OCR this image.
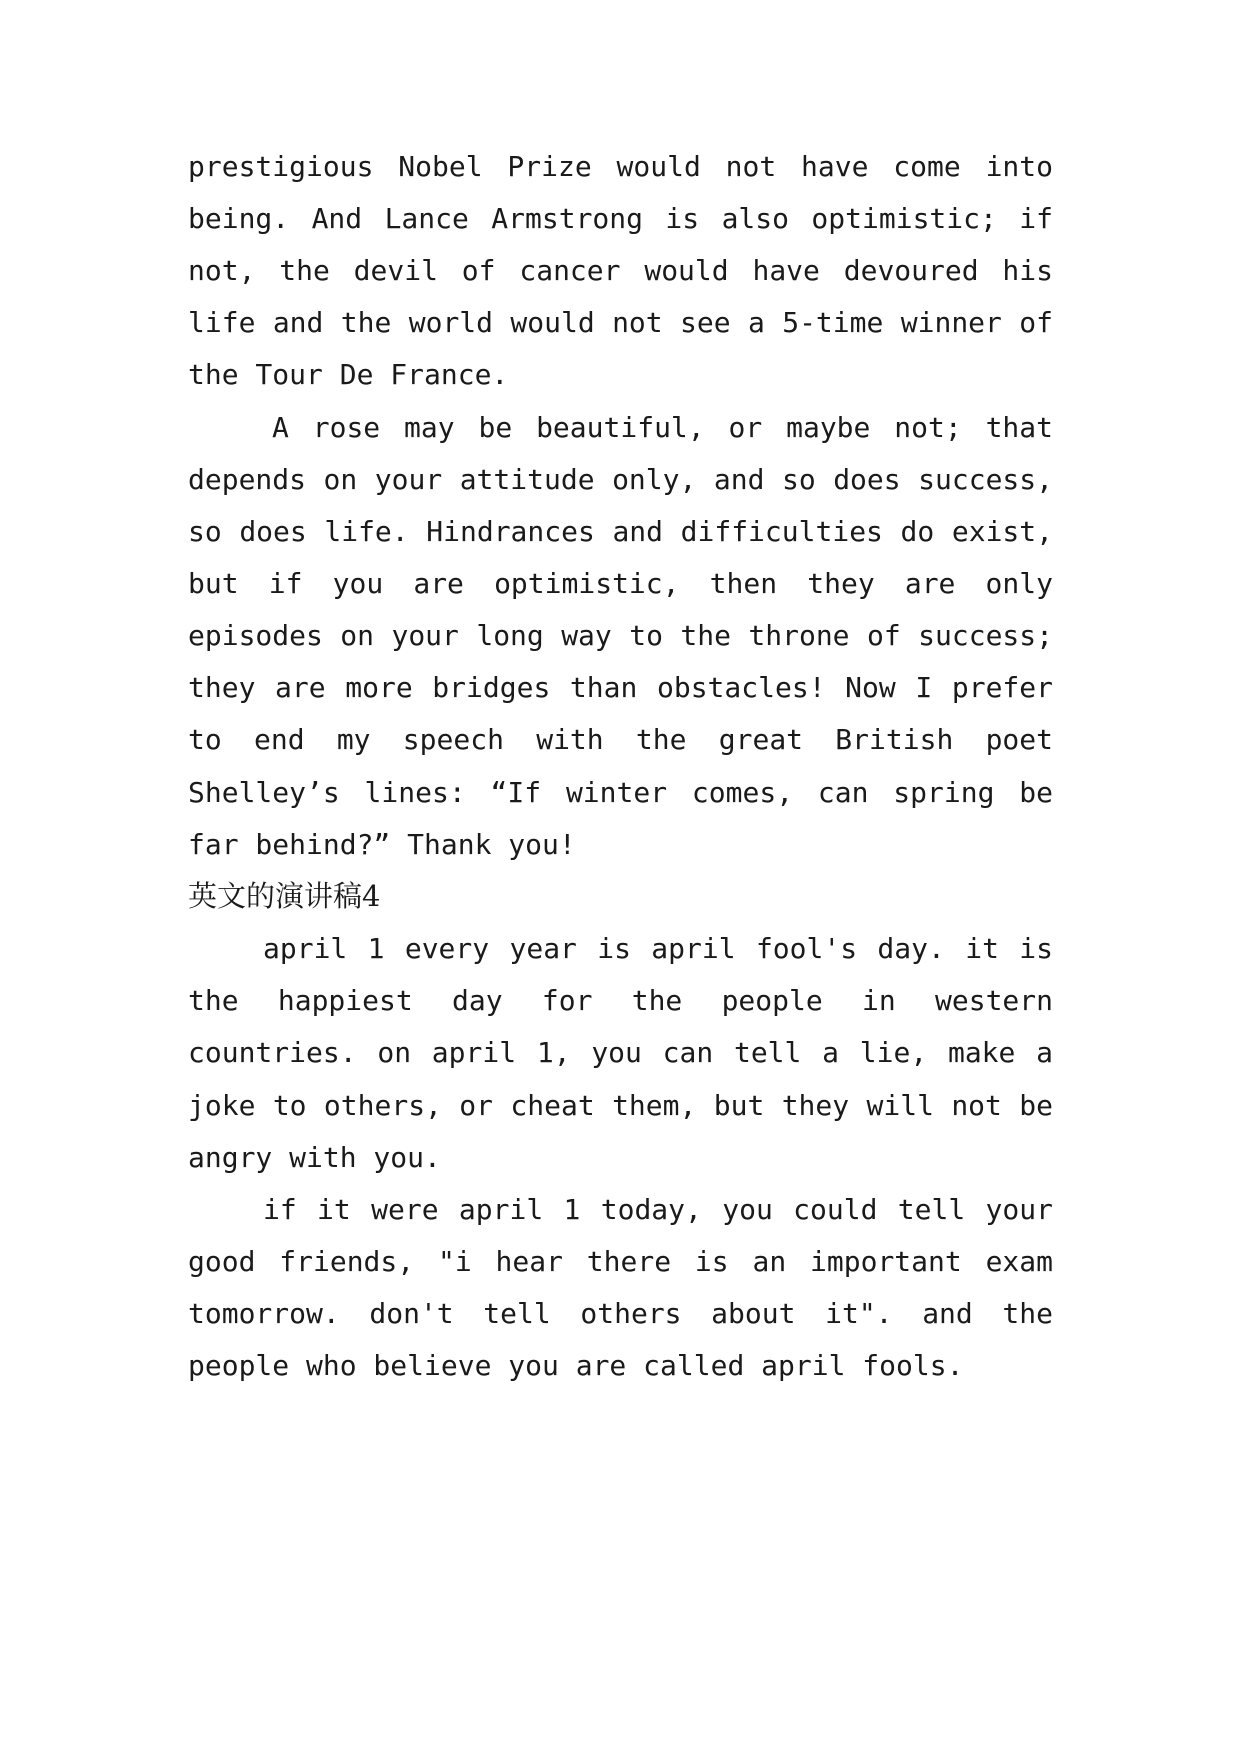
prestigious Nobel Prize would not have come into
being. And Lance Armstrong is also optimistic; if
not, the devil of cancer would have devoured his
life and the world would not see a 5-time winner of
the Tour De France.
A rose may be beautiful, or maybe not; that
depends on your attitude only, and so does success,
so does life. Hindrances and difficulties do exist,
but if you are optimistic, then they are only
episodes on your long way to the throne of success;
they are more bridges than obstacles! Now I prefer
to end my speech with the great British poet
Shelley’s lines: “If winter comes, can spring be
far behind?” Thank you!
英文的演讲稿4
april 1 every year is april fool's day. it is
the happiest day for the people in western
countries. on april 1, you can tell a lie, make a
joke to others, or cheat them, but they will not be
angry with you.
if it were april 1 today, you could tell your
good friends, "i hear there is an important exam
tomorrow. don't tell others about it". and the
people who believe you are called april fools.
